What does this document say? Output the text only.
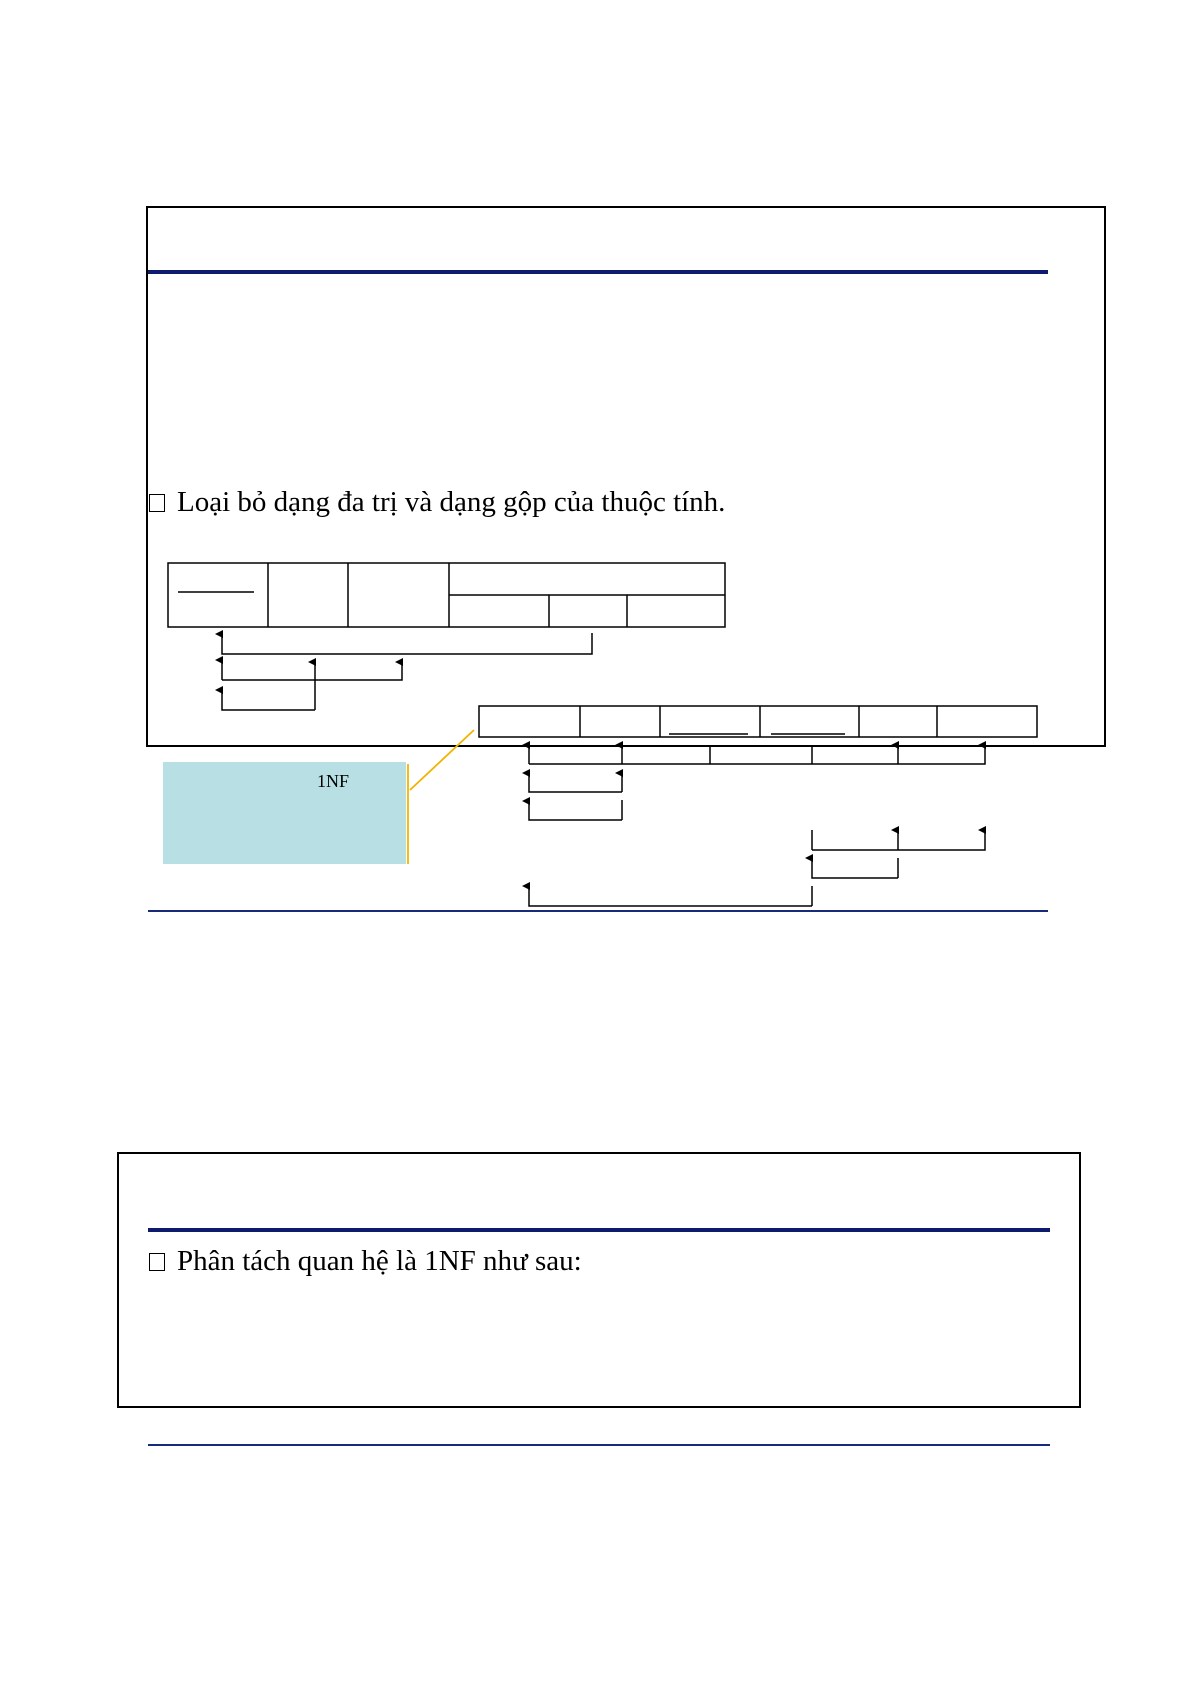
Loại bỏ dạng đa trị và dạng gộp của thuộc tính.
1NF
Phân tách quan hệ là 1NF như sau:
